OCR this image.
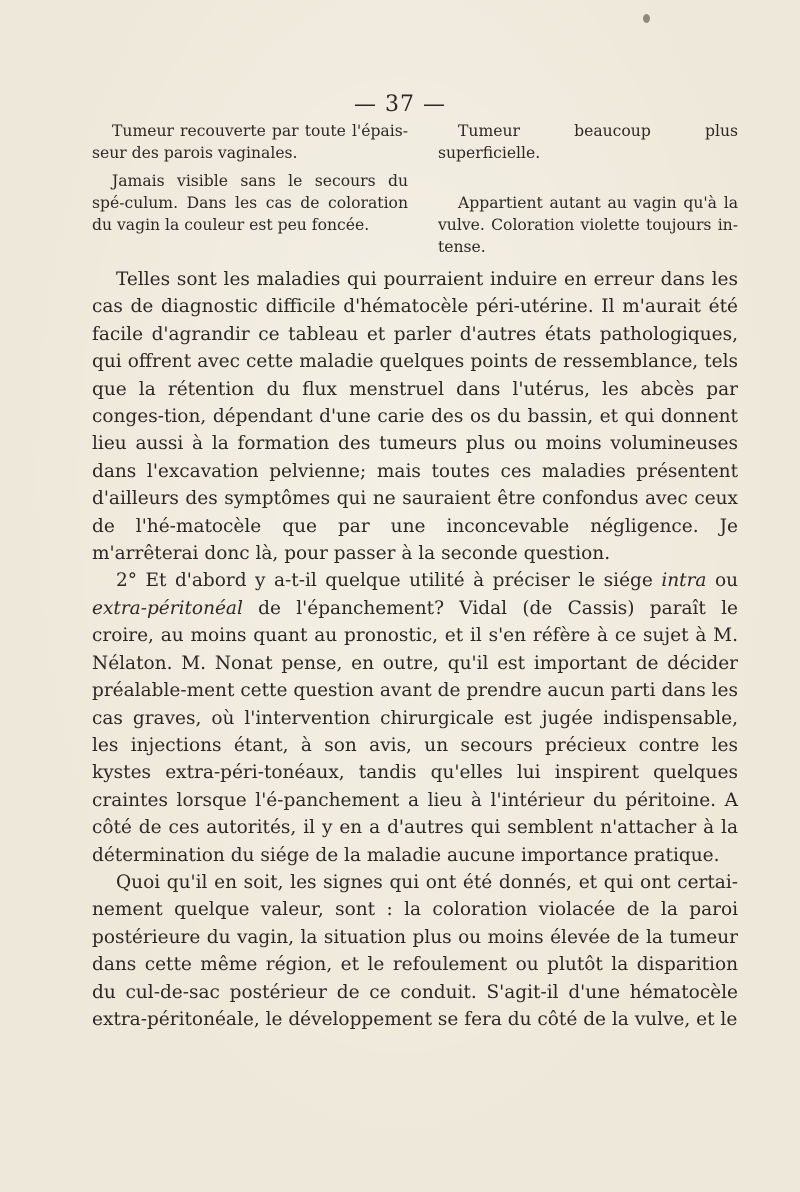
— 37 —

Tumeur recouverte par toute l'épais-seur des parois vaginales.

Jamais visible sans le secours du spé-culum. Dans les cas de coloration du vagin la couleur est peu foncée.

Tumeur beaucoup plus superficielle.

Appartient autant au vagin qu'à la vulve. Coloration violette toujours in-tense.

Telles sont les maladies qui pourraient induire en erreur dans les cas de diagnostic difficile d'hématocèle péri-utérine. Il m'aurait été facile d'agrandir ce tableau et parler d'autres états pathologiques, qui offrent avec cette maladie quelques points de ressemblance, tels que la rétention du flux menstruel dans l'utérus, les abcès par conges-tion, dépendant d'une carie des os du bassin, et qui donnent lieu aussi à la formation des tumeurs plus ou moins volumineuses dans l'excavation pelvienne; mais toutes ces maladies présentent d'ailleurs des symptômes qui ne sauraient être confondus avec ceux de l'hé-matocèle que par une inconcevable négligence. Je m'arrêterai donc là, pour passer à la seconde question.

2° Et d'abord y a-t-il quelque utilité à préciser le siége intra ou extra-péritonéal de l'épanchement? Vidal (de Cassis) paraît le croire, au moins quant au pronostic, et il s'en réfère à ce sujet à M. Nélaton. M. Nonat pense, en outre, qu'il est important de décider préalable-ment cette question avant de prendre aucun parti dans les cas graves, où l'intervention chirurgicale est jugée indispensable, les injections étant, à son avis, un secours précieux contre les kystes extra-péri-tonéaux, tandis qu'elles lui inspirent quelques craintes lorsque l'é-panchement a lieu à l'intérieur du péritoine. A côté de ces autorités, il y en a d'autres qui semblent n'attacher à la détermination du siége de la maladie aucune importance pratique.

Quoi qu'il en soit, les signes qui ont été donnés, et qui ont certai-nement quelque valeur, sont : la coloration violacée de la paroi postérieure du vagin, la situation plus ou moins élevée de la tumeur dans cette même région, et le refoulement ou plutôt la disparition du cul-de-sac postérieur de ce conduit. S'agit-il d'une hématocèle extra-péritonéale, le développement se fera du côté de la vulve, et le
